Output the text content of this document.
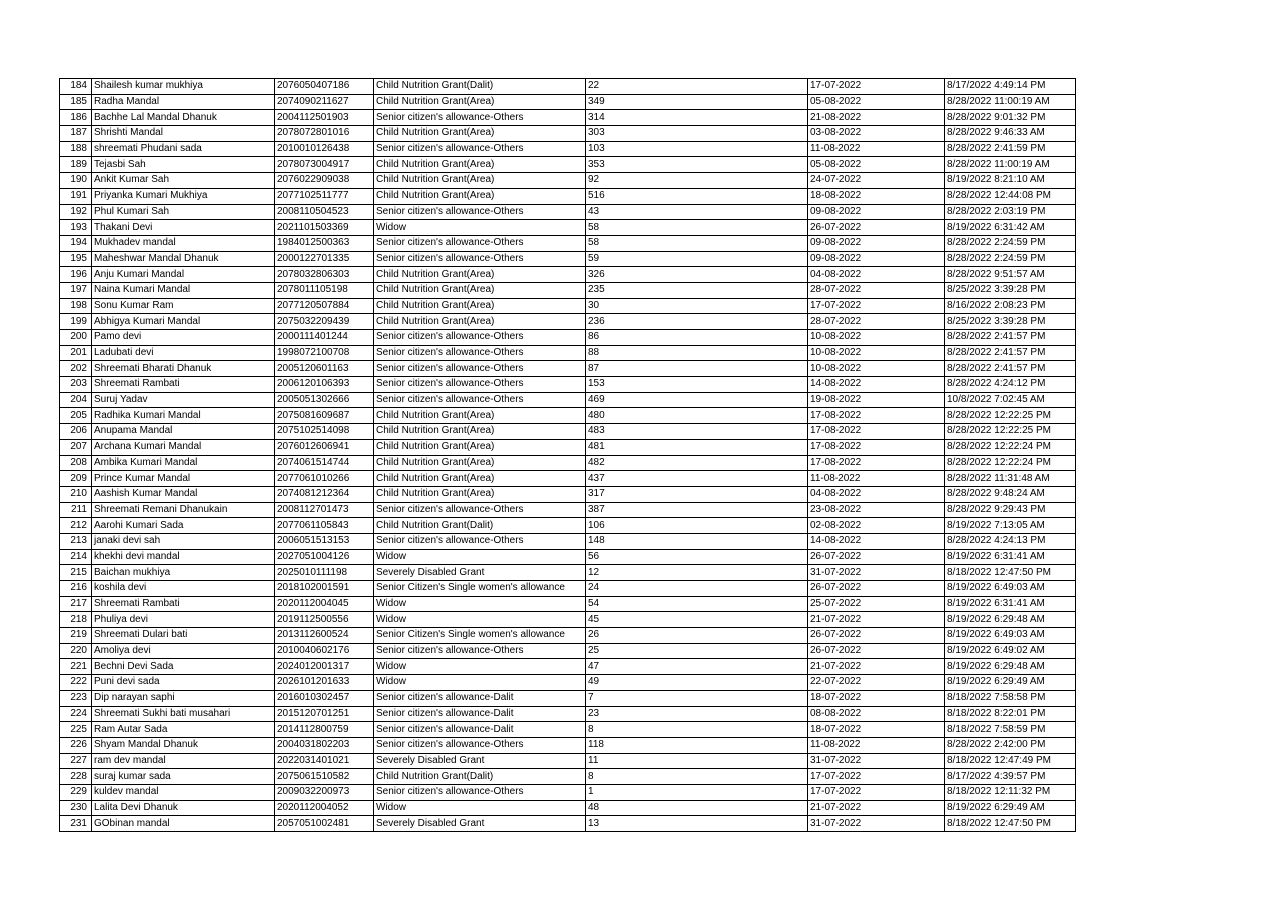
184	Shailesh kumar mukhiya	2076050407186	Child Nutrition Grant(Dalit)	22	17-07-2022	8/17/2022 4:49:14 PM
185	Radha Mandal	2074090211627	Child Nutrition Grant(Area)	349	05-08-2022	8/28/2022 11:00:19 AM
186	Bachhe Lal Mandal Dhanuk	2004112501903	Senior citizen's allowance-Others	314	21-08-2022	8/28/2022 9:01:32 PM
187	Shrishti Mandal	2078072801016	Child Nutrition Grant(Area)	303	03-08-2022	8/28/2022 9:46:33 AM
188	shreemati Phudani sada	2010010126438	Senior citizen's allowance-Others	103	11-08-2022	8/28/2022 2:41:59 PM
189	Tejasbi Sah	2078073004917	Child Nutrition Grant(Area)	353	05-08-2022	8/28/2022 11:00:19 AM
190	Ankit Kumar Sah	2076022909038	Child Nutrition Grant(Area)	92	24-07-2022	8/19/2022 8:21:10 AM
191	Priyanka Kumari Mukhiya	2077102511777	Child Nutrition Grant(Area)	516	18-08-2022	8/28/2022 12:44:08 PM
192	Phul Kumari Sah	2008110504523	Senior citizen's allowance-Others	43	09-08-2022	8/28/2022 2:03:19 PM
193	Thakani Devi	2021101503369	Widow	58	26-07-2022	8/19/2022 6:31:42 AM
194	Mukhadev mandal	1984012500363	Senior citizen's allowance-Others	58	09-08-2022	8/28/2022 2:24:59 PM
195	Maheshwar Mandal Dhanuk	2000122701335	Senior citizen's allowance-Others	59	09-08-2022	8/28/2022 2:24:59 PM
196	Anju Kumari Mandal	2078032806303	Child Nutrition Grant(Area)	326	04-08-2022	8/28/2022 9:51:57 AM
197	Naina Kumari Mandal	2078011105198	Child Nutrition Grant(Area)	235	28-07-2022	8/25/2022 3:39:28 PM
198	Sonu Kumar Ram	2077120507884	Child Nutrition Grant(Area)	30	17-07-2022	8/16/2022 2:08:23 PM
199	Abhigya Kumari Mandal	2075032209439	Child Nutrition Grant(Area)	236	28-07-2022	8/25/2022 3:39:28 PM
200	Pamo devi	2000111401244	Senior citizen's allowance-Others	86	10-08-2022	8/28/2022 2:41:57 PM
201	Ladubati devi	1998072100708	Senior citizen's allowance-Others	88	10-08-2022	8/28/2022 2:41:57 PM
202	Shreemati Bharati Dhanuk	2005120601163	Senior citizen's allowance-Others	87	10-08-2022	8/28/2022 2:41:57 PM
203	Shreemati Rambati	2006120106393	Senior citizen's allowance-Others	153	14-08-2022	8/28/2022 4:24:12 PM
204	Suruj Yadav	2005051302666	Senior citizen's allowance-Others	469	19-08-2022	10/8/2022 7:02:45 AM
205	Radhika Kumari Mandal	2075081609687	Child Nutrition Grant(Area)	480	17-08-2022	8/28/2022 12:22:25 PM
206	Anupama Mandal	2075102514098	Child Nutrition Grant(Area)	483	17-08-2022	8/28/2022 12:22:25 PM
207	Archana Kumari Mandal	2076012606941	Child Nutrition Grant(Area)	481	17-08-2022	8/28/2022 12:22:24 PM
208	Ambika Kumari Mandal	2074061514744	Child Nutrition Grant(Area)	482	17-08-2022	8/28/2022 12:22:24 PM
209	Prince Kumar Mandal	2077061010266	Child Nutrition Grant(Area)	437	11-08-2022	8/28/2022 11:31:48 AM
210	Aashish Kumar Mandal	2074081212364	Child Nutrition Grant(Area)	317	04-08-2022	8/28/2022 9:48:24 AM
211	Shreemati Remani Dhanukain	2008112701473	Senior citizen's allowance-Others	387	23-08-2022	8/28/2022 9:29:43 PM
212	Aarohi Kumari Sada	2077061105843	Child Nutrition Grant(Dalit)	106	02-08-2022	8/19/2022 7:13:05 AM
213	janaki devi sah	2006051513153	Senior citizen's allowance-Others	148	14-08-2022	8/28/2022 4:24:13 PM
214	khekhi devi mandal	2027051004126	Widow	56	26-07-2022	8/19/2022 6:31:41 AM
215	Baichan mukhiya	2025010111198	Severely Disabled Grant	12	31-07-2022	8/18/2022 12:47:50 PM
216	koshila devi	2018102001591	Senior Citizen's Single women's allowance	24	26-07-2022	8/19/2022 6:49:03 AM
217	Shreemati Rambati	2020112004045	Widow	54	25-07-2022	8/19/2022 6:31:41 AM
218	Phuliya devi	2019112500556	Widow	45	21-07-2022	8/19/2022 6:29:48 AM
219	Shreemati Dulari bati	2013112600524	Senior Citizen's Single women's allowance	26	26-07-2022	8/19/2022 6:49:03 AM
220	Amoliya devi	2010040602176	Senior citizen's allowance-Others	25	26-07-2022	8/19/2022 6:49:02 AM
221	Bechni Devi Sada	2024012001317	Widow	47	21-07-2022	8/19/2022 6:29:48 AM
222	Puni devi sada	2026101201633	Widow	49	22-07-2022	8/19/2022 6:29:49 AM
223	Dip narayan saphi	2016010302457	Senior citizen's allowance-Dalit	7	18-07-2022	8/18/2022 7:58:58 PM
224	Shreemati Sukhi bati musahari	2015120701251	Senior citizen's allowance-Dalit	23	08-08-2022	8/18/2022 8:22:01 PM
225	Ram Autar Sada	2014112800759	Senior citizen's allowance-Dalit	8	18-07-2022	8/18/2022 7:58:59 PM
226	Shyam Mandal Dhanuk	2004031802203	Senior citizen's allowance-Others	118	11-08-2022	8/28/2022 2:42:00 PM
227	ram dev mandal	2022031401021	Severely Disabled Grant	11	31-07-2022	8/18/2022 12:47:49 PM
228	suraj kumar sada	2075061510582	Child Nutrition Grant(Dalit)	8	17-07-2022	8/17/2022 4:39:57 PM
229	kuldev mandal	2009032200973	Senior citizen's allowance-Others	1	17-07-2022	8/18/2022 12:11:32 PM
230	Lalita Devi Dhanuk	2020112004052	Widow	48	21-07-2022	8/19/2022 6:29:49 AM
231	GObinan mandal	2057051002481	Severely Disabled Grant	13	31-07-2022	8/18/2022 12:47:50 PM
